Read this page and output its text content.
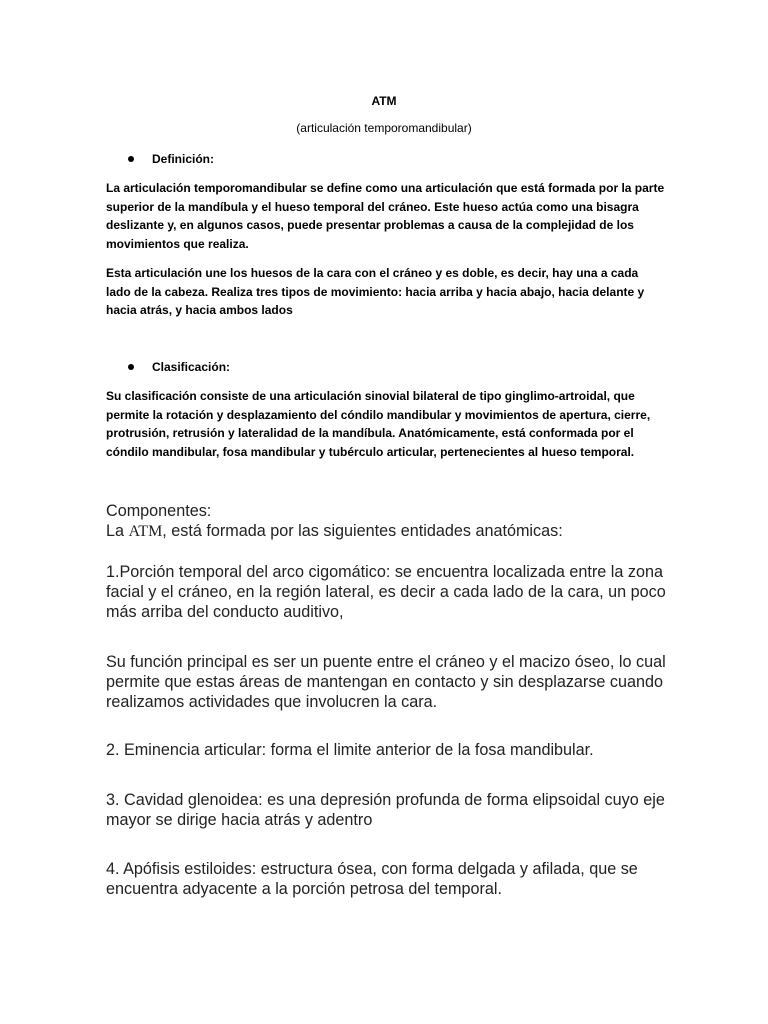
ATM
(articulación temporomandibular)
Definición:
La articulación temporomandibular se define como una articulación que está formada por la parte superior de la mandíbula y el hueso temporal del cráneo. Este hueso actúa como una bisagra deslizante y, en algunos casos, puede presentar problemas a causa de la complejidad de los movimientos que realiza.
Esta articulación une los huesos de la cara con el cráneo y es doble, es decir, hay una a cada lado de la cabeza. Realiza tres tipos de movimiento: hacia arriba y hacia abajo, hacia delante y hacia atrás, y hacia ambos lados
Clasificación:
Su clasificación consiste de una articulación sinovial bilateral de tipo ginglimo-artroidal, que permite la rotación y desplazamiento del cóndilo mandibular y movimientos de apertura, cierre, protrusión, retrusión y lateralidad de la mandíbula. Anatómicamente, está conformada por el cóndilo mandibular, fosa mandibular y tubérculo articular, pertenecientes al hueso temporal.
Componentes:
La ATM, está formada por las siguientes entidades anatómicas:
1.Porción temporal del arco cigomático: se encuentra localizada entre la zona facial y el cráneo, en la región lateral, es decir a cada lado de la cara, un poco más arriba del conducto auditivo,
Su función principal es ser un puente entre el cráneo y el macizo óseo, lo cual permite que estas áreas de mantengan en contacto y sin desplazarse cuando realizamos actividades que involucren la cara.
2. Eminencia articular: forma el limite anterior de la fosa mandibular.
3. Cavidad glenoidea: es una depresión profunda de forma elipsoidal cuyo eje mayor se dirige hacia atrás y adentro
4. Apófisis estiloides: estructura ósea, con forma delgada y afilada, que se encuentra adyacente a la porción petrosa del temporal.
